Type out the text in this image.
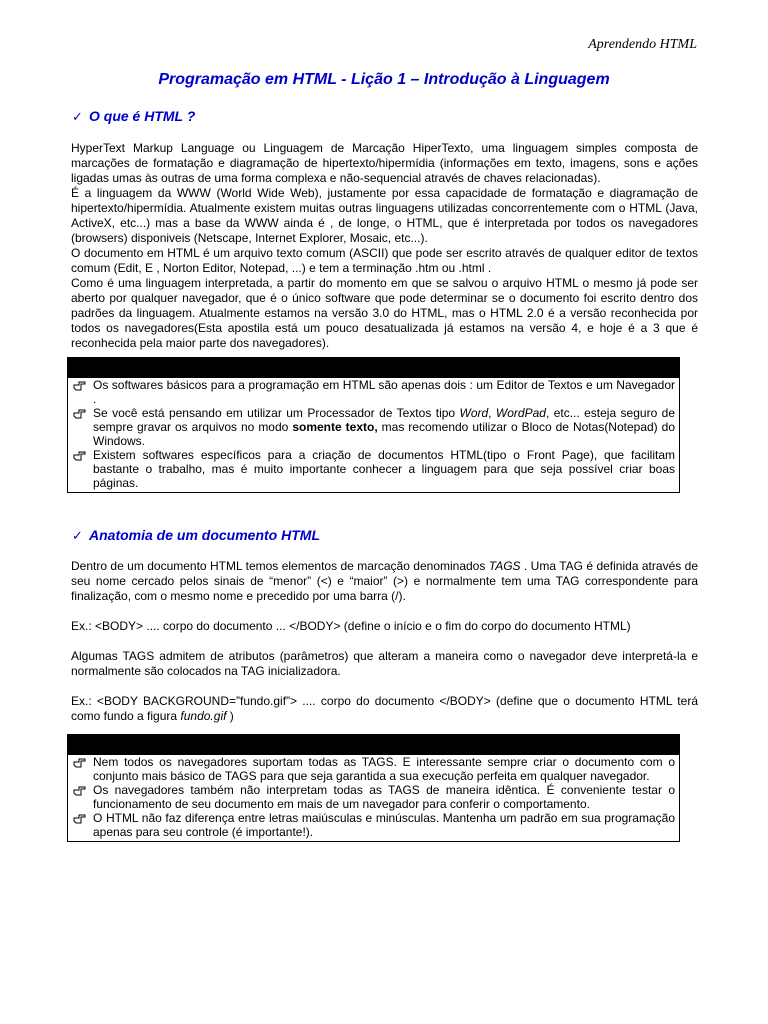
Aprendendo HTML
Programação em HTML - Lição 1 – Introdução à Linguagem
✓ O que é HTML ?

HyperText Markup Language ou Linguagem de Marcação HiperTexto, uma linguagem simples composta de marcações de formatação e diagramação de hipertexto/hipermídia (informações em texto, imagens, sons e ações ligadas umas às outras de uma forma complexa e não-sequencial através de chaves relacionadas).

É a linguagem da WWW (World Wide Web), justamente por essa capacidade de formatação e diagramação de hipertexto/hipermídia. Atualmente existem muitas outras linguagens utilizadas concorrentemente com o HTML (Java, ActiveX, etc...) mas a base da WWW ainda é , de longe, o HTML, que é interpretada por todos os navegadores (browsers) disponiveis (Netscape, Internet Explorer, Mosaic, etc...).

O documento em HTML é um arquivo texto comum (ASCII) que pode ser escrito através de qualquer editor de textos comum (Edit, E , Norton Editor, Notepad, ...) e tem a terminação .htm ou .html .

Como é uma linguagem interpretada, a partir do momento em que se salvou o arquivo HTML o mesmo já pode ser aberto por qualquer navegador, que é o único software que pode determinar se o documento foi escrito dentro dos padrões da linguagem. Atualmente estamos na versão 3.0 do HTML, mas o HTML 2.0 é a versão reconhecida por todos os navegadores(Esta apostila está um pouco desatualizada já estamos na versão 4, e hoje é a 3 que é reconhecida pela maior parte dos navegadores).

Os softwares básicos para a programação em HTML são apenas dois : um Editor de Textos e um Navegador .
Se você está pensando em utilizar um Processador de Textos tipo Word, WordPad, etc... esteja seguro de sempre gravar os arquivos no modo somente texto, mas recomendo utilizar o Bloco de Notas(Notepad) do Windows.
Existem softwares específicos para a criação de documentos HTML(tipo o Front Page), que facilitam bastante o trabalho, mas é muito importante conhecer a linguagem para que seja possível criar boas páginas.
✓ Anatomia de um documento HTML

Dentro de um documento HTML temos elementos de marcação denominados TAGS . Uma TAG é definida através de seu nome cercado pelos sinais de “menor” (<) e “maior” (>) e normalmente tem uma TAG correspondente para finalização, com o mesmo nome e precedido por uma barra (/).

Ex.: <BODY> .... corpo do documento ... </BODY> (define o início e o fim do corpo do documento HTML)

Algumas TAGS admitem de atributos (parâmetros) que alteram a maneira como o navegador deve interpretá-la e normalmente são colocados na TAG inicializadora.

Ex.: <BODY BACKGROUND=”fundo.gif”> .... corpo do documento </BODY> (define que o documento HTML terá como fundo a figura fundo.gif )

Nem todos os navegadores suportam todas as TAGS. E interessante sempre criar o documento com o conjunto mais básico de TAGS para que seja garantida a sua execução perfeita em qualquer navegador.
Os navegadores também não interpretam todas as TAGS de maneira idêntica. É conveniente testar o funcionamento de seu documento em mais de um navegador para conferir o comportamento.
O HTML não faz diferença entre letras maiúsculas e minúsculas. Mantenha um padrão em sua programação apenas para seu controle (é importante!).
